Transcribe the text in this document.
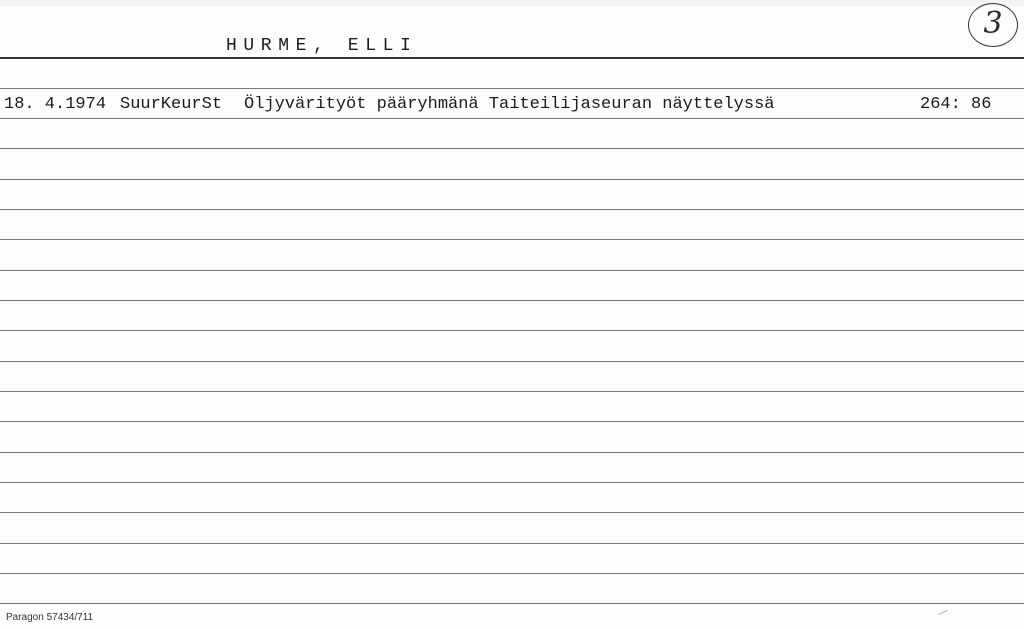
HURME, ELLI
3
18. 4.1974 SuurKeurSt Öljyvärityöt pääryhmänä Taiteilijaseuran näyttelyssä	264: 86
Paragon 57434/711
